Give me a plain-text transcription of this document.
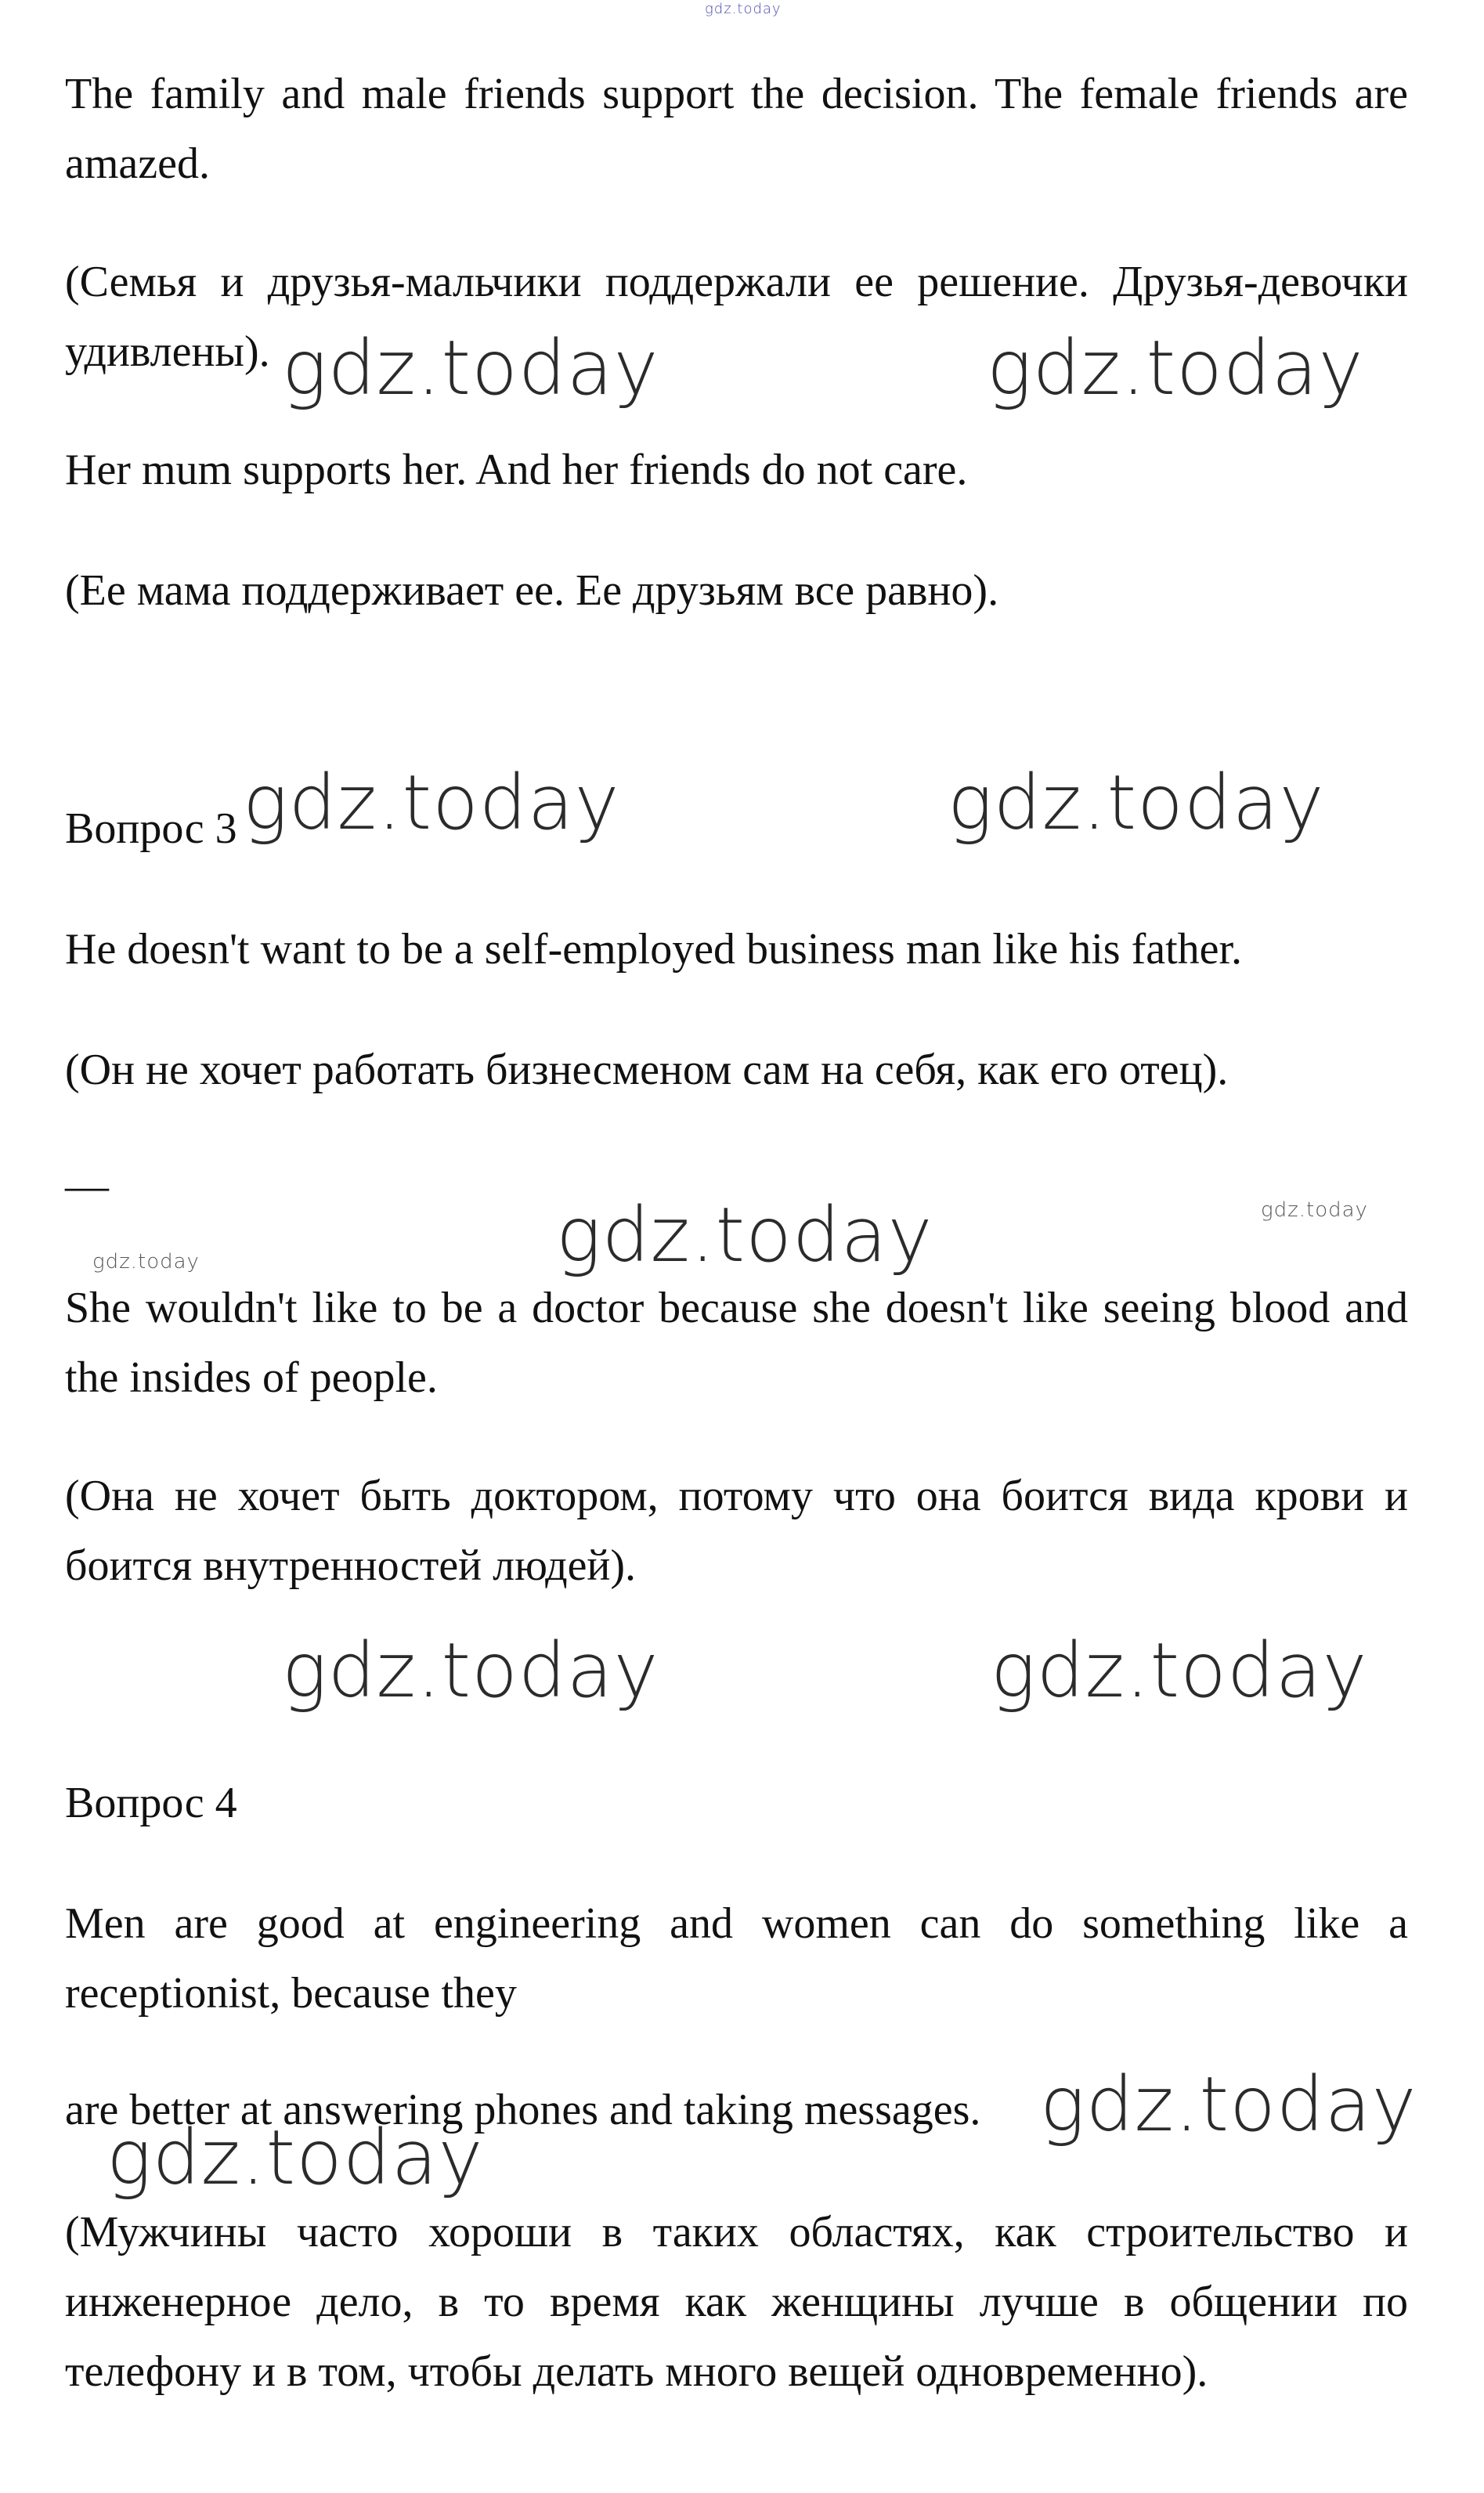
gdz.today
gdz.today	gdz.today
gdz.today	gdz.today
gdz.today	gdz.today
gdz.today
gdz.today	gdz.today
gdz.today
gdz.today

The family and male friends support the decision. The female friends are amazed.

(Семья и друзья-мальчики поддержали ее решение. Друзья-девочки удивлены).

Her mum supports her. And her friends do not care.

(Ее мама поддерживает ее. Ее друзьям все равно).

Вопрос 3

He doesn't want to be a self-employed business man like his father.

(Он не хочет работать бизнесменом сам на себя, как его отец).

—

She wouldn't like to be a doctor because she doesn't like seeing blood and the insides of people.

(Она не хочет быть доктором, потому что она боится вида крови и боится внутренностей людей).

Вопрос 4

Men are good at engineering and women can do something like a receptionist, because they

are better at answering phones and taking messages.

(Мужчины часто хороши в таких областях, как строительство и инженерное дело, в то время как женщины лучше в общении по телефону и в том, чтобы делать много вещей одновременно).
